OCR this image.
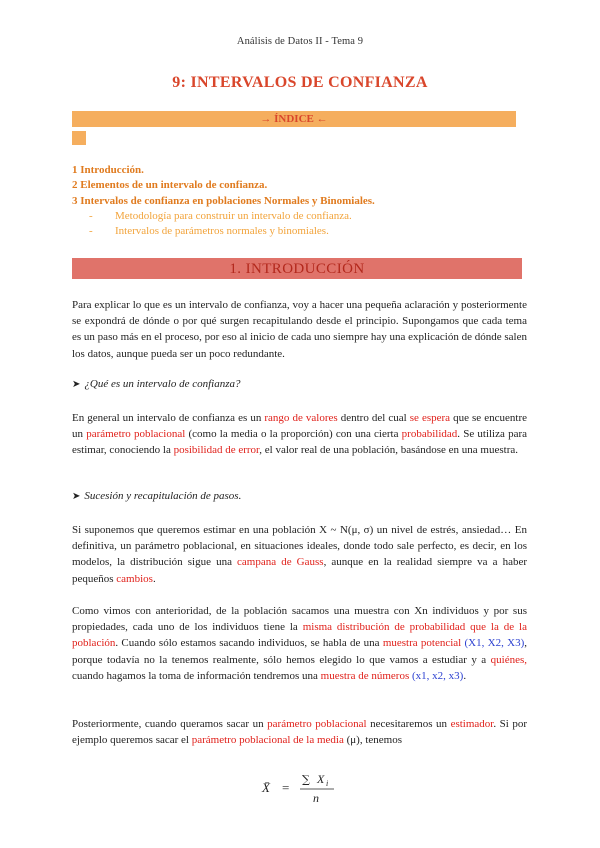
Análisis de Datos II - Tema 9
9: INTERVALOS DE CONFIANZA
→ ÍNDICE ←
1 Introducción.
2 Elementos de un intervalo de confianza.
3 Intervalos de confianza en poblaciones Normales y Binomiales.
- Metodología para construir un intervalo de confianza.
- Intervalos de parámetros normales y binomiales.
1. INTRODUCCIÓN
Para explicar lo que es un intervalo de confianza, voy a hacer una pequeña aclaración y posteriormente se expondrá de dónde o por qué surgen recapitulando desde el principio. Supongamos que cada tema es un paso más en el proceso, por eso al inicio de cada uno siempre hay una explicación de dónde salen los datos, aunque pueda ser un poco redundante.
➤ ¿Qué es un intervalo de confianza?
En general un intervalo de confianza es un rango de valores dentro del cual se espera que se encuentre un parámetro poblacional (como la media o la proporción) con una cierta probabilidad. Se utiliza para estimar, conociendo la posibilidad de error, el valor real de una población, basándose en una muestra.
➤ Sucesión y recapitulación de pasos.
Si suponemos que queremos estimar en una población X ~ N(μ, σ) un nivel de estrés, ansiedad… En definitiva, un parámetro poblacional, en situaciones ideales, donde todo sale perfecto, es decir, en los modelos, la distribución sigue una campana de Gauss, aunque en la realidad siempre va a haber pequeños cambios.
Como vimos con anterioridad, de la población sacamos una muestra con Xn individuos y por sus propiedades, cada uno de los individuos tiene la misma distribución de probabilidad que la de la población. Cuando sólo estamos sacando individuos, se habla de una muestra potencial (X1, X2, X3), porque todavía no la tenemos realmente, sólo hemos elegido lo que vamos a estudiar y a quiénes, cuando hagamos la toma de información tendremos una muestra de números (x1, x2, x3).
Posteriormente, cuando queramos sacar un parámetro poblacional necesitaremos un estimador. Si por ejemplo queremos sacar el parámetro poblacional de la media (μ), tenemos
X̄ =
∑ X i
n
